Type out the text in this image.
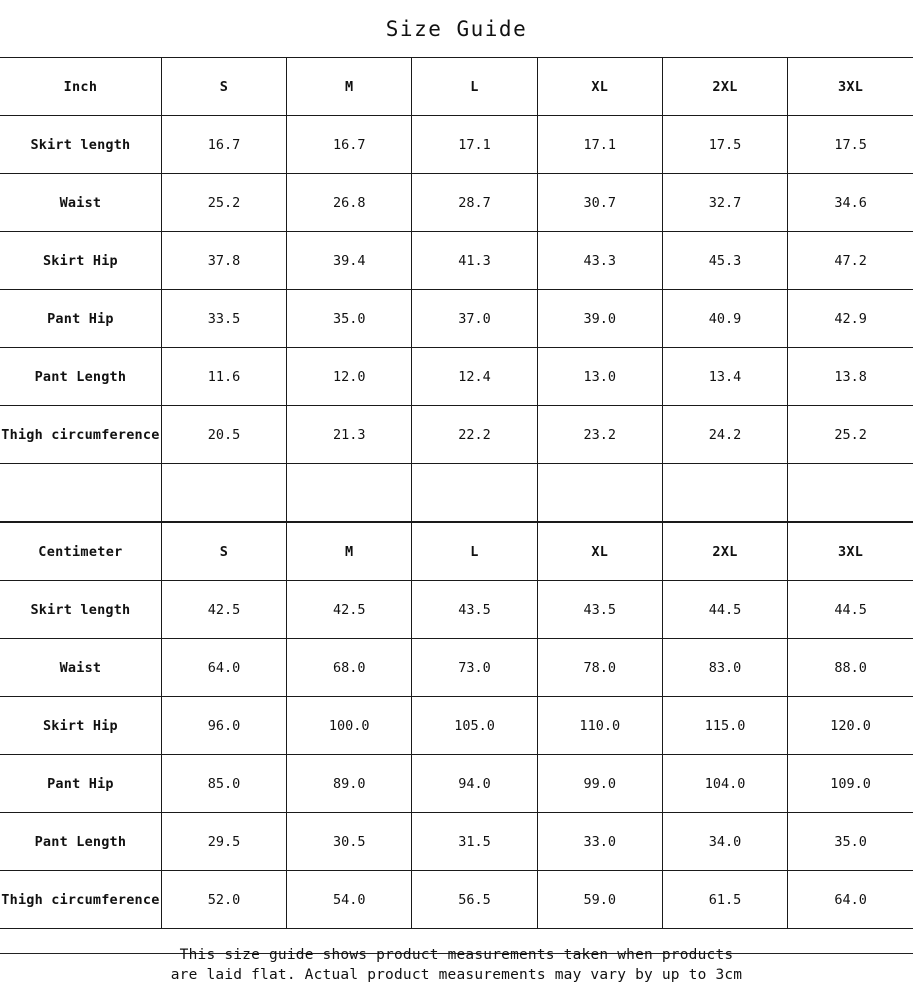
Size Guide
Inch	S	M	L	XL	2XL	3XL
Skirt length	16.7	16.7	17.1	17.1	17.5	17.5
Waist	25.2	26.8	28.7	30.7	32.7	34.6
Skirt Hip	37.8	39.4	41.3	43.3	45.3	47.2
Pant Hip	33.5	35.0	37.0	39.0	40.9	42.9
Pant Length	11.6	12.0	12.4	13.0	13.4	13.8
Thigh circumference	20.5	21.3	22.2	23.2	24.2	25.2

Centimeter	S	M	L	XL	2XL	3XL
Skirt length	42.5	42.5	43.5	43.5	44.5	44.5
Waist	64.0	68.0	73.0	78.0	83.0	88.0
Skirt Hip	96.0	100.0	105.0	110.0	115.0	120.0
Pant Hip	85.0	89.0	94.0	99.0	104.0	109.0
Pant Length	29.5	30.5	31.5	33.0	34.0	35.0
Thigh circumference	52.0	54.0	56.5	59.0	61.5	64.0
This size guide shows product measurements taken when products
are laid flat. Actual product measurements may vary by up to 3cm
